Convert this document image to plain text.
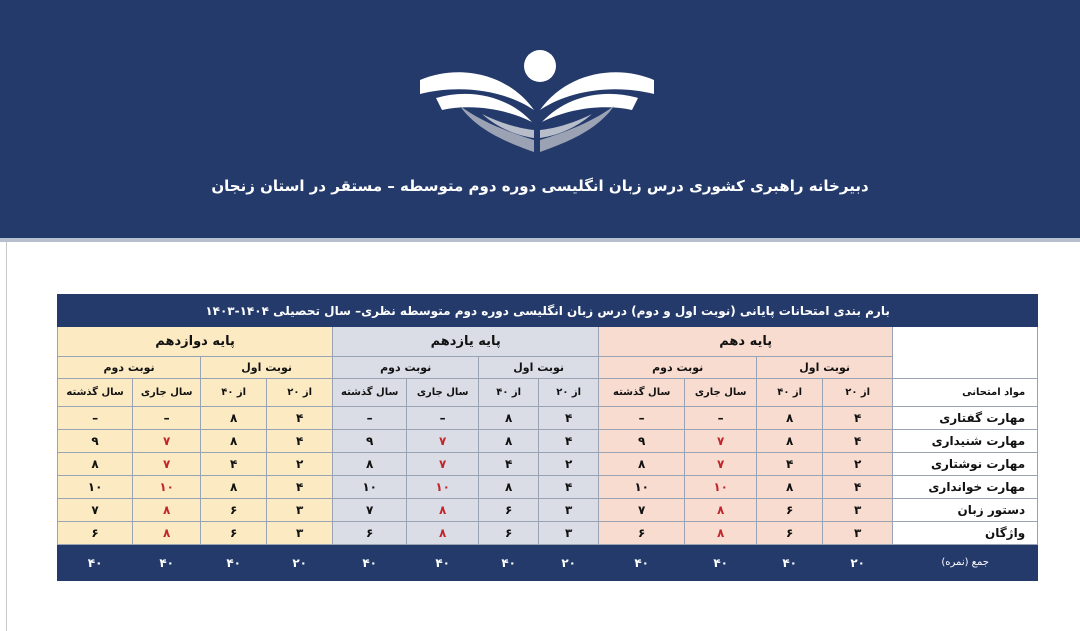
دبیرخانه راهبری کشوری درس زبان انگلیسی دوره دوم متوسطه – مستقر در استان زنجان
بارم بندی امتحانات پایانی (نوبت اول و دوم) درس زبان انگلیسی دوره دوم متوسطه نظری– سال تحصیلی ۱۴۰۴-۱۴۰۳												
	پایه دهم				پایه یازدهم				پایه دوازدهم			
	نوبت اول		نوبت دوم		نوبت اول		نوبت دوم		نوبت اول		نوبت دوم	
مواد امتحانی	از ۲۰	از ۴۰	سال جاری	سال گذشته	از ۲۰	از ۴۰	سال جاری	سال گذشته	از ۲۰	از ۴۰	سال جاری	سال گذشته
مهارت گفتاری	۴	۸	–	–	۴	۸	–	–	۴	۸	–	–
مهارت شنیداری	۴	۸	۷	۹	۴	۸	۷	۹	۴	۸	۷	۹
مهارت نوشتاری	۲	۴	۷	۸	۲	۴	۷	۸	۲	۴	۷	۸
مهارت خوانداری	۴	۸	۱۰	۱۰	۴	۸	۱۰	۱۰	۴	۸	۱۰	۱۰
دستور زبان	۳	۶	۸	۷	۳	۶	۸	۷	۳	۶	۸	۷
واژگان	۳	۶	۸	۶	۳	۶	۸	۶	۳	۶	۸	۶
جمع (نمره)	۲۰	۴۰	۴۰	۴۰	۲۰	۴۰	۴۰	۴۰	۲۰	۴۰	۴۰	۴۰
